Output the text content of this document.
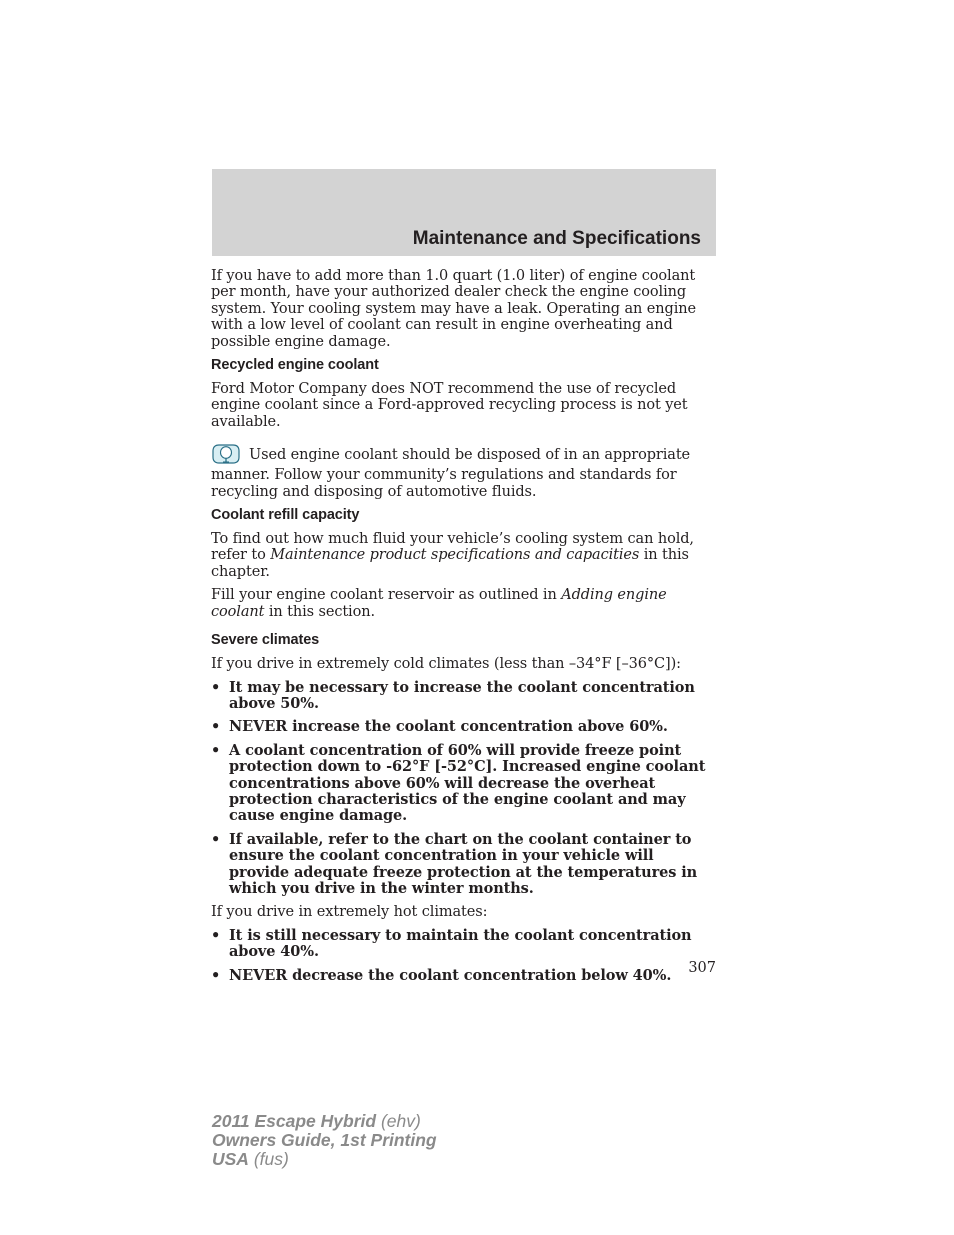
Maintenance and Specifications

If you have to add more than 1.0 quart (1.0 liter) of engine coolant per month, have your authorized dealer check the engine cooling system. Your cooling system may have a leak. Operating an engine with a low level of coolant can result in engine overheating and possible engine damage.

Recycled engine coolant

Ford Motor Company does NOT recommend the use of recycled engine coolant since a Ford-approved recycling process is not yet available.

Used engine coolant should be disposed of in an appropriate manner. Follow your community’s regulations and standards for recycling and disposing of automotive fluids.

Coolant refill capacity

To find out how much fluid your vehicle’s cooling system can hold, refer to Maintenance product specifications and capacities in this chapter.

Fill your engine coolant reservoir as outlined in Adding engine coolant in this section.

Severe climates

If you drive in extremely cold climates (less than –34°F [–36°C]):

• It may be necessary to increase the coolant concentration above 50%.
• NEVER increase the coolant concentration above 60%.
• A coolant concentration of 60% will provide freeze point protection down to -62°F [-52°C]. Increased engine coolant concentrations above 60% will decrease the overheat protection characteristics of the engine coolant and may cause engine damage.
• If available, refer to the chart on the coolant container to ensure the coolant concentration in your vehicle will provide adequate freeze protection at the temperatures in which you drive in the winter months.

If you drive in extremely hot climates:

• It is still necessary to maintain the coolant concentration above 40%.
• NEVER decrease the coolant concentration below 40%.	307
2011 Escape Hybrid (ehv)
Owners Guide, 1st Printing
USA (fus)
